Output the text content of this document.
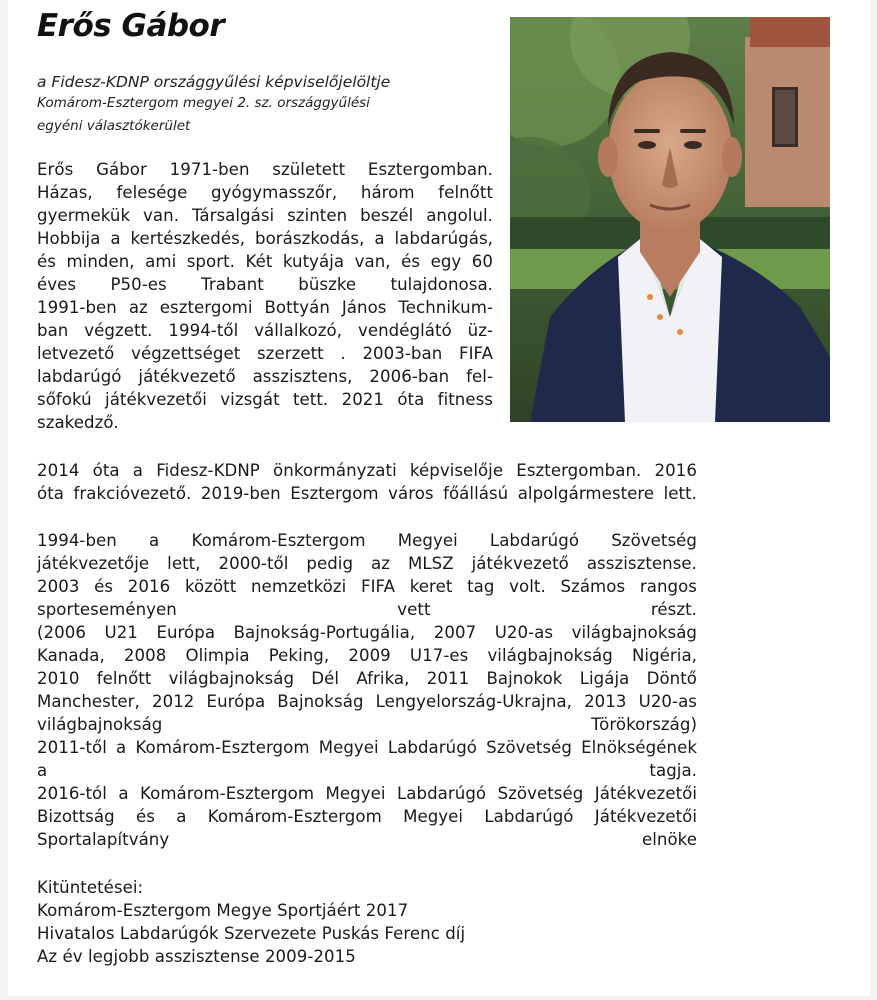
Erős Gábor
a Fidesz-KDNP országgyűlési képviselőjelöltje
Komárom-Esztergom megyei 2. sz. országgyűlési
egyéni választókerület
Erős Gábor 1971-ben született Esztergomban.
Házas, felesége gyógymasszőr, három felnőtt
gyermekük van. Társalgási szinten beszél angolul.
Hobbija a kertészkedés, borászkodás, a labdarúgás,
és minden, ami sport. Két kutyája van, és egy 60
éves P50-es Trabant büszke tulajdonosa.
1991-ben az esztergomi Bottyán János Technikum-
ban végzett. 1994-től vállalkozó, vendéglátó üz-
letvezető végzettséget szerzett . 2003-ban FIFA
labdarúgó játékvezető asszisztens, 2006-ban fel-
sőfokú játékvezetői vizsgát tett. 2021 óta fitness
szakedző.
2014 óta a Fidesz-KDNP önkormányzati képviselője Esztergomban. 2016
óta frakcióvezető. 2019-ben Esztergom város főállású alpolgármestere lett.
1994-ben a Komárom-Esztergom Megyei Labdarúgó Szövetség
játékvezetője lett, 2000-től pedig az MLSZ játékvezető asszisztense.
2003 és 2016 között nemzetközi FIFA keret tag volt. Számos rangos
sporteseményen vett részt.
(2006 U21 Európa Bajnokság-Portugália, 2007 U20-as világbajnokság
Kanada, 2008 Olimpia Peking, 2009 U17-es világbajnokság Nigéria,
2010 felnőtt világbajnokság Dél Afrika, 2011 Bajnokok Ligája Döntő
Manchester, 2012 Európa Bajnokság Lengyelország-Ukrajna, 2013 U20-as
világbajnokság Törökország)
2011-től a Komárom-Esztergom Megyei Labdarúgó Szövetség Elnökségének
a tagja.
2016-tól a Komárom-Esztergom Megyei Labdarúgó Szövetség Játékvezetői
Bizottság és a Komárom-Esztergom Megyei Labdarúgó Játékvezetői
Sportalapítvány elnöke
Kitüntetései:
Komárom-Esztergom Megye Sportjáért 2017
Hivatalos Labdarúgók Szervezete Puskás Ferenc díj
Az év legjobb asszisztense 2009-2015
